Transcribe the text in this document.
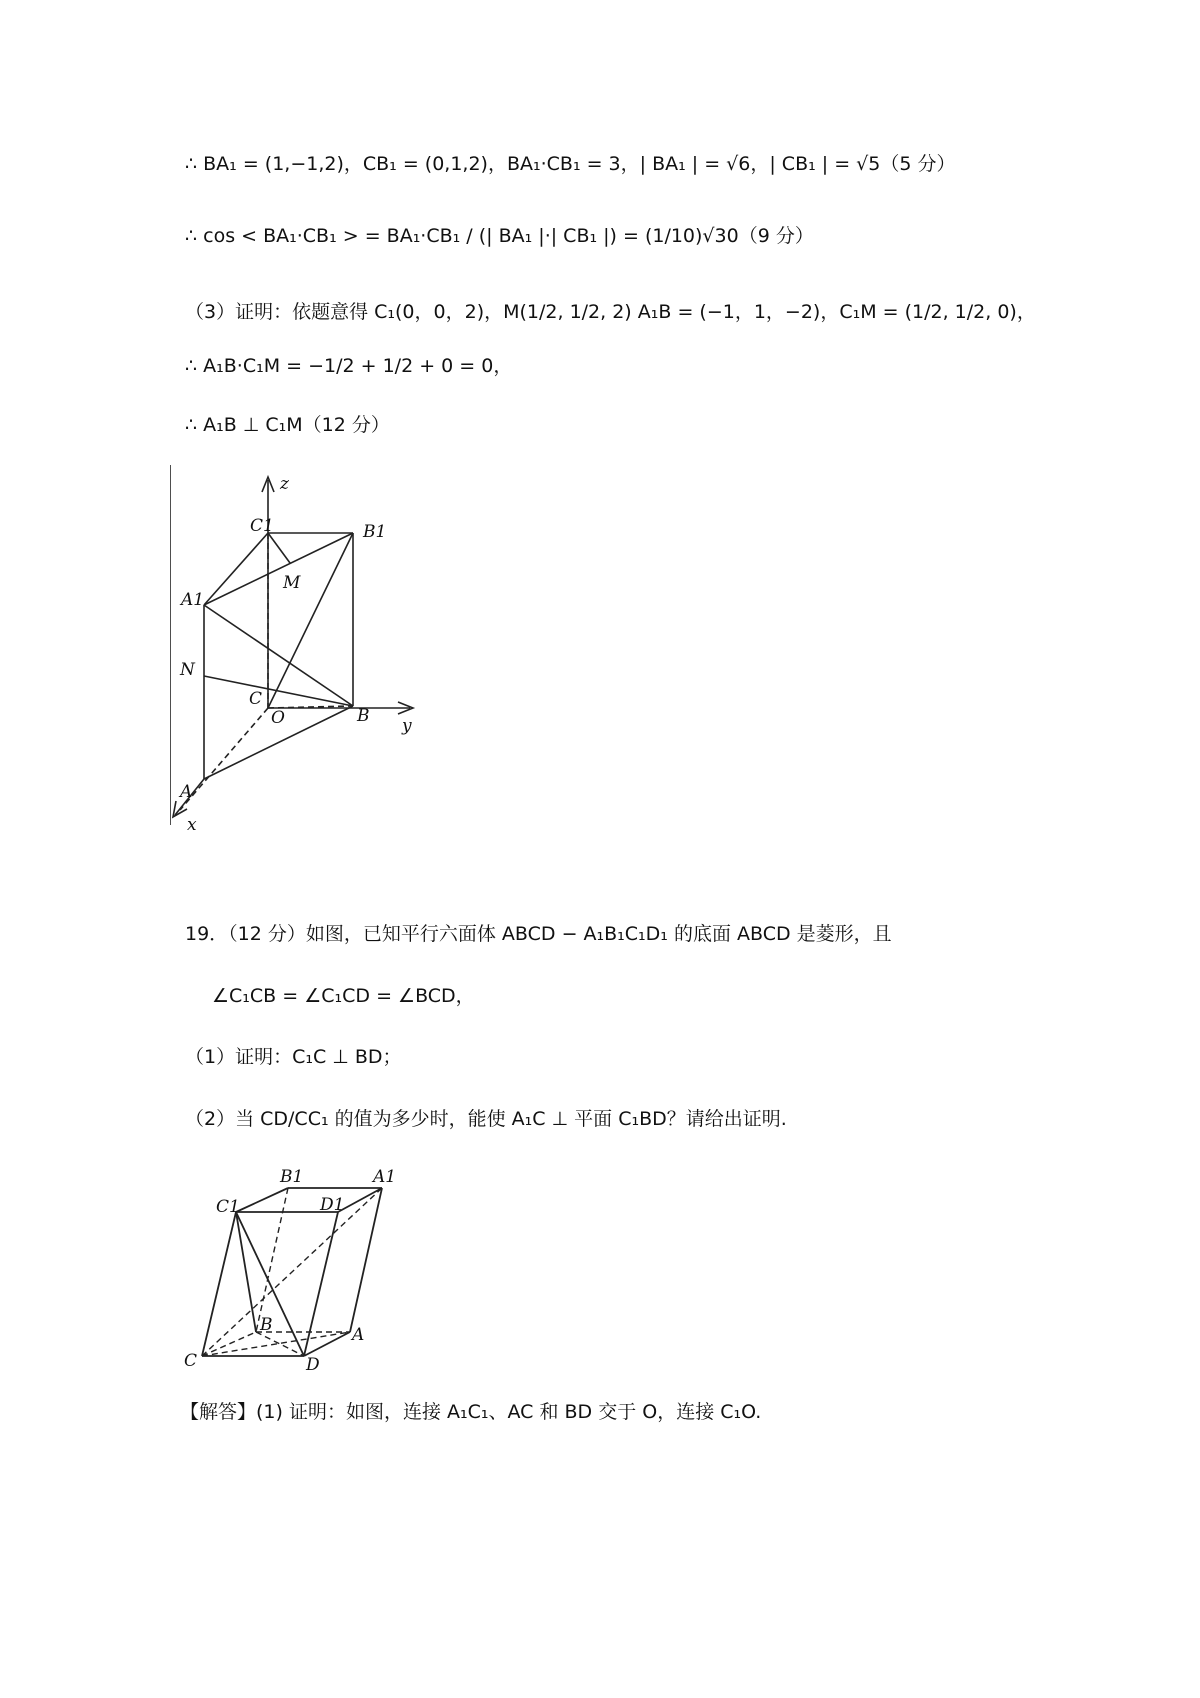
∴ BA₁ = (1,−1,2)，CB₁ = (0,1,2)，BA₁·CB₁ = 3，| BA₁ | = √6，| CB₁ | = √5（5 分）
∴ cos < BA₁·CB₁ > = BA₁·CB₁ / (| BA₁ |·| CB₁ |) = (1/10)√30（9 分）
（3）证明：依题意得 C₁(0，0，2)，M(1/2, 1/2, 2) A₁B = (−1，1，−2)，C₁M = (1/2, 1/2, 0)，
∴ A₁B·C₁M = −1/2 + 1/2 + 0 = 0，
∴ A₁B ⊥ C₁M（12 分）
z
C1	B1
M
A1
N
C
O	B y
A
x
19．（12 分）如图，已知平行六面体 ABCD − A₁B₁C₁D₁ 的底面 ABCD 是菱形，且
∠C₁CB = ∠C₁CD = ∠BCD，
（1）证明：C₁C ⊥ BD；
（2）当 CD/CC₁ 的值为多少时，能使 A₁C ⊥ 平面 C₁BD？请给出证明.
B1	A1
C1	D1
B	A
C	D
【解答】(1) 证明：如图，连接 A₁C₁、AC 和 BD 交于 O，连接 C₁O.
